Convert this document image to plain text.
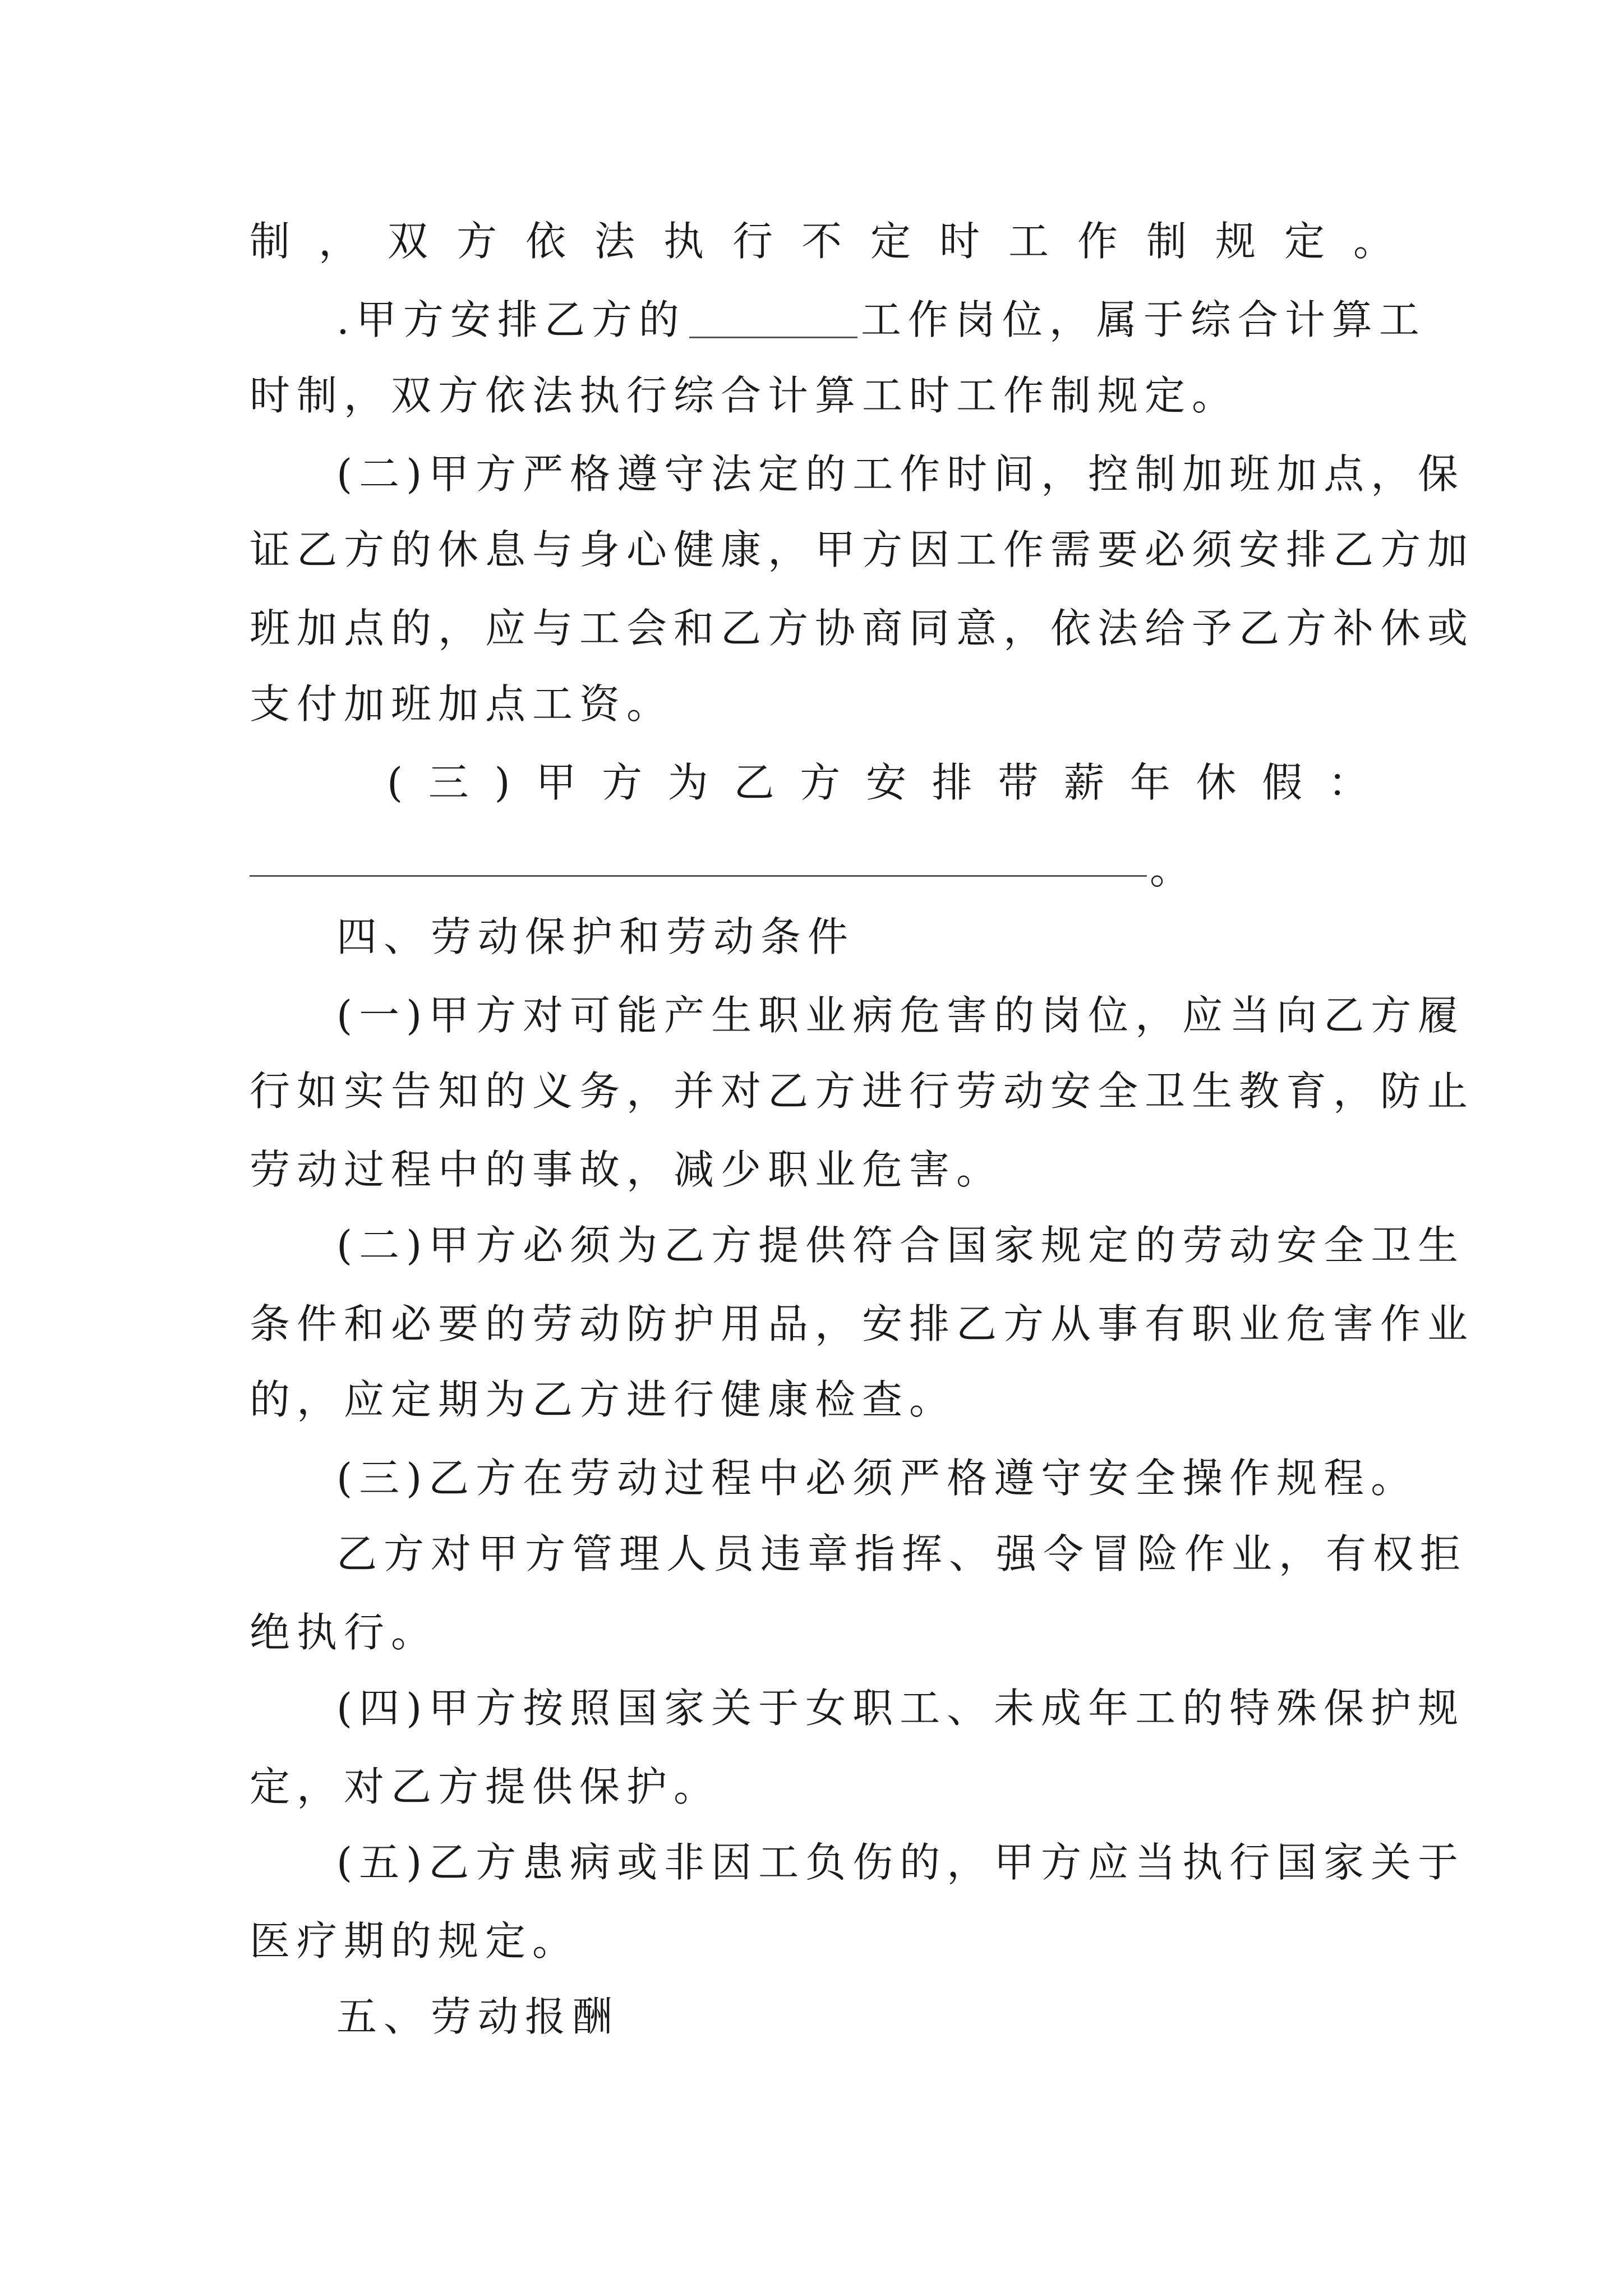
制，双方依法执行不定时工作制规定。
.甲方安排乙方的	工作岗位，属于综合计算工
时制，双方依法执行综合计算工时工作制规定。
(二)甲方严格遵守法定的工作时间，控制加班加点，保
证乙方的休息与身心健康，甲方因工作需要必须安排乙方加
班加点的，应与工会和乙方协商同意，依法给予乙方补休或
支付加班加点工资。
(三)甲方为乙方安排带薪年休假：
。
四、劳动保护和劳动条件
(一)甲方对可能产生职业病危害的岗位，应当向乙方履
行如实告知的义务，并对乙方进行劳动安全卫生教育，防止
劳动过程中的事故，减少职业危害。
(二)甲方必须为乙方提供符合国家规定的劳动安全卫生
条件和必要的劳动防护用品，安排乙方从事有职业危害作业
的，应定期为乙方进行健康检查。
(三)乙方在劳动过程中必须严格遵守安全操作规程。
乙方对甲方管理人员违章指挥、强令冒险作业，有权拒
绝执行。
(四)甲方按照国家关于女职工、未成年工的特殊保护规
定，对乙方提供保护。
(五)乙方患病或非因工负伤的，甲方应当执行国家关于
医疗期的规定。
五、劳动报酬
